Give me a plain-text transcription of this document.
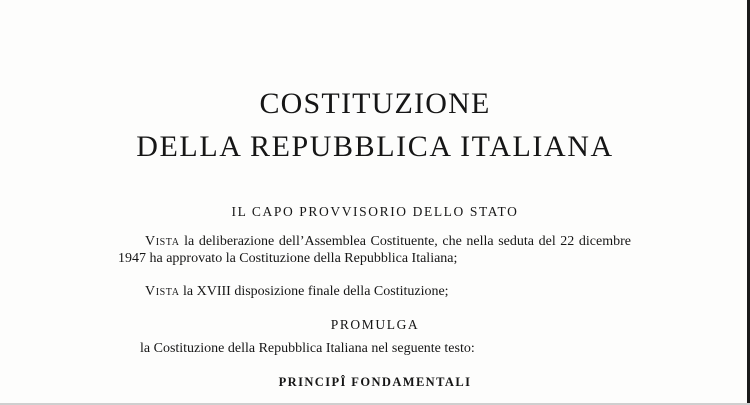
COSTITUZIONE
DELLA REPUBBLICA ITALIANA
IL CAPO PROVVISORIO DELLO STATO
Vista la deliberazione dell’Assemblea Costituente, che nella seduta del 22 dicembre 1947 ha approvato la Costituzione della Repubblica Italiana;
Vista la XVIII disposizione finale della Costituzione;
PROMULGA
la Costituzione della Repubblica Italiana nel seguente testo:
PRINCIPÎ FONDAMENTALI
